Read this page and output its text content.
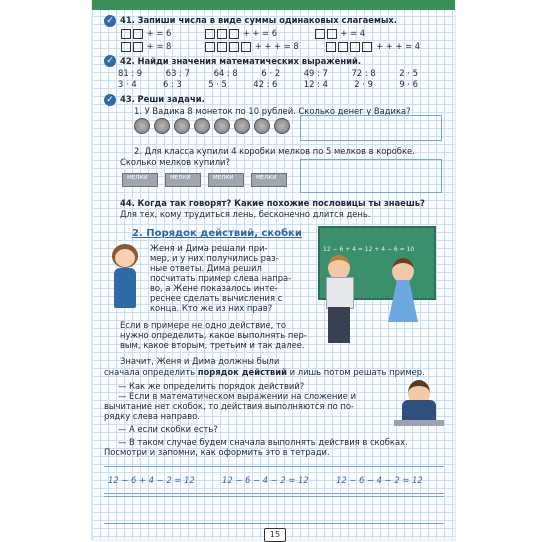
✓ 41. Запиши числа в виде суммы одинаковых слагаемых.
+ = 6	+ + = 6	+ = 4
+ = 8	+ + + = 8	+ + + = 4
✓ 42. Найди значения математических выражений.
81 : 9	63 : 7	64 : 8	6 · 2	49 : 7	72 : 8	2 · 5
3 · 4	6 : 3	5 · 5	42 : 6	12 : 4	2 · 9	9 · 6
✓ 43. Реши задачи.
1. У Вадика 8 монеток по 10 рублей. Сколько денег у Вадика?
2. Для класса купили 4 коробки мелков по 5 мелков в коробке.
Сколько мелков купили?
МЕЛКИ	МЕЛКИ	МЕЛКИ	МЕЛКИ
44. Когда так говорят? Какие похожие пословицы ты знаешь?
Для тех, кому трудиться лень, бесконечно длится день.
2. Порядок действий, скобки
Женя и Дима решали при-
мер, и у них получились раз-
ные ответы. Дима решил
посчитать пример слева напра-
во, а Жене показалось инте-
реснее сделать вычисления с
конца. Кто же из них прав?
12 − 6 + 4 = 12 + 4 − 6 = 10
Если в примере не одно действие, то
нужно определить, какое выполнять пер-
вым, какое вторым, третьим и так далее.
Значит, Женя и Дима должны были
сначала определить порядок действий и лишь потом решать пример.
— Как же определить порядок действий?
— Если в математическом выражении на сложение и
вычитание нет скобок, то действия выполняются по по-
рядку слева направо.
— А если скобки есть?
— В таком случае будем сначала выполнять действия в скобках.
Посмотри и запомни, как оформить это в тетради.
12 − 6 + 4 − 2 = 12	12 − 6 − 4 − 2 = 12	12 − 6 − 4 − 2 = 12
15
